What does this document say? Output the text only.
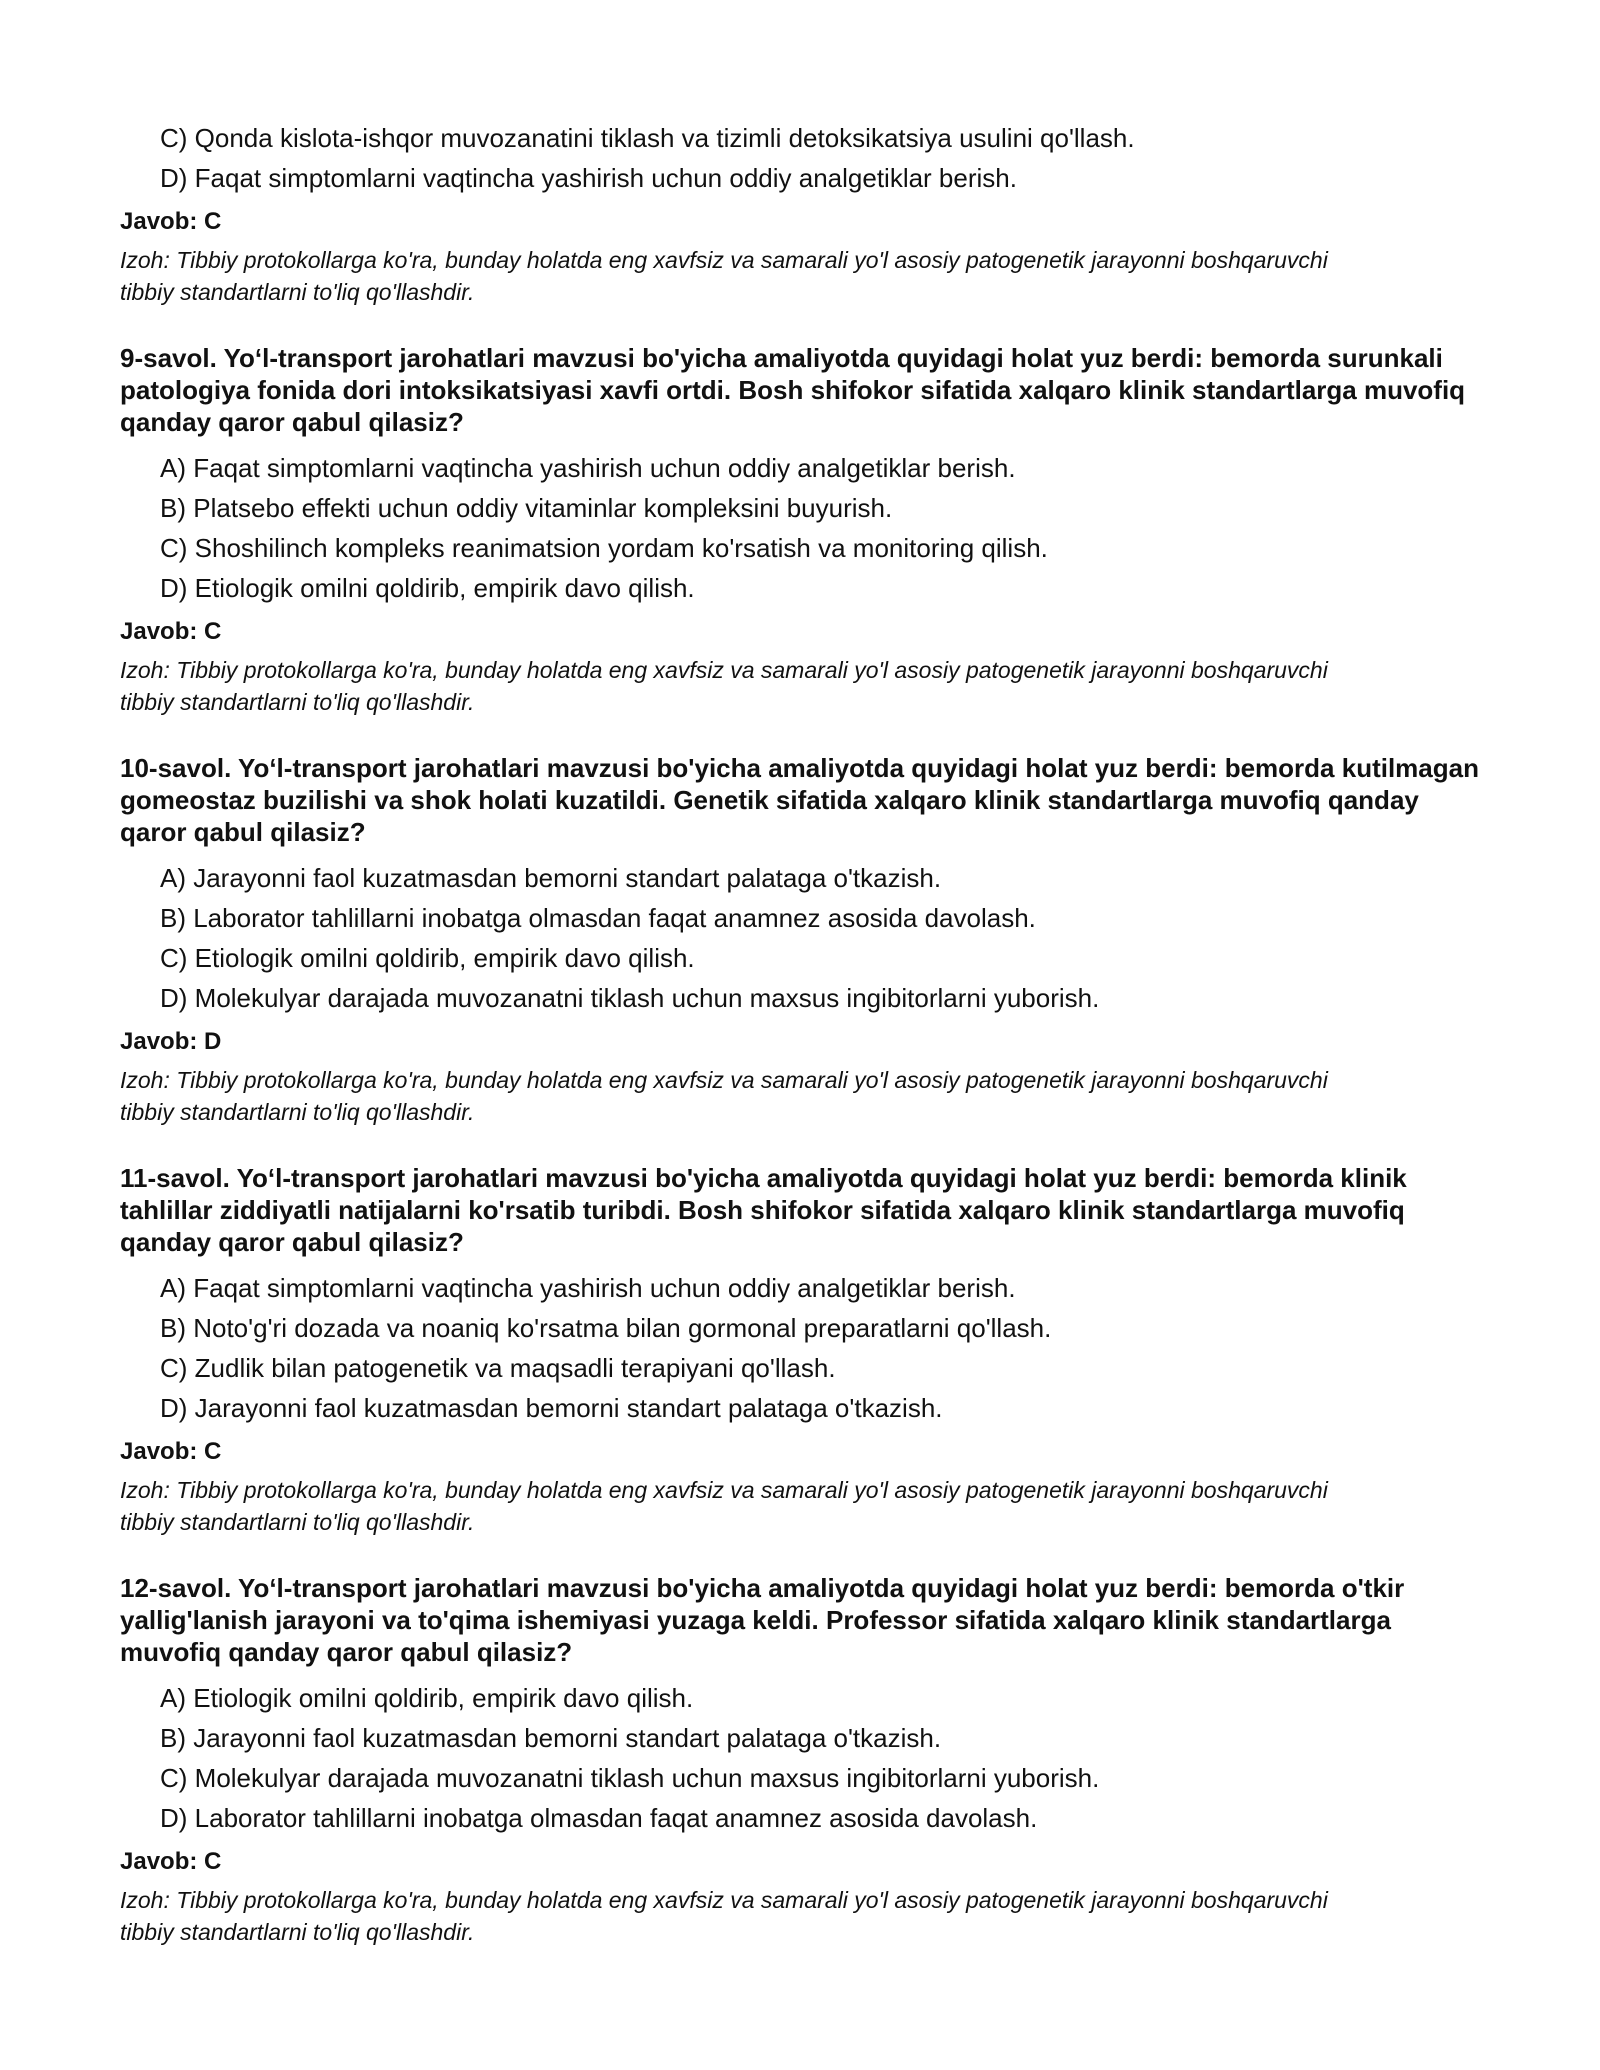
C) Qonda kislota-ishqor muvozanatini tiklash va tizimli detoksikatsiya usulini qo'llash.

D) Faqat simptomlarni vaqtincha yashirish uchun oddiy analgetiklar berish.

Javob: C

Izoh: Tibbiy protokollarga ko'ra, bunday holatda eng xavfsiz va samarali yo'l asosiy patogenetik jarayonni boshqaruvchi tibbiy standartlarni to'liq qo'llashdir.

9-savol. Yo‘l-transport jarohatlari mavzusi bo'yicha amaliyotda quyidagi holat yuz berdi: bemorda surunkali patologiya fonida dori intoksikatsiyasi xavfi ortdi. Bosh shifokor sifatida xalqaro klinik standartlarga muvofiq qanday qaror qabul qilasiz?

A) Faqat simptomlarni vaqtincha yashirish uchun oddiy analgetiklar berish.

B) Platsebo effekti uchun oddiy vitaminlar kompleksini buyurish.

C) Shoshilinch kompleks reanimatsion yordam ko'rsatish va monitoring qilish.

D) Etiologik omilni qoldirib, empirik davo qilish.

Javob: C

Izoh: Tibbiy protokollarga ko'ra, bunday holatda eng xavfsiz va samarali yo'l asosiy patogenetik jarayonni boshqaruvchi tibbiy standartlarni to'liq qo'llashdir.

10-savol. Yo‘l-transport jarohatlari mavzusi bo'yicha amaliyotda quyidagi holat yuz berdi: bemorda kutilmagan gomeostaz buzilishi va shok holati kuzatildi. Genetik sifatida xalqaro klinik standartlarga muvofiq qanday qaror qabul qilasiz?

A) Jarayonni faol kuzatmasdan bemorni standart palataga o'tkazish.

B) Laborator tahlillarni inobatga olmasdan faqat anamnez asosida davolash.

C) Etiologik omilni qoldirib, empirik davo qilish.

D) Molekulyar darajada muvozanatni tiklash uchun maxsus ingibitorlarni yuborish.

Javob: D

Izoh: Tibbiy protokollarga ko'ra, bunday holatda eng xavfsiz va samarali yo'l asosiy patogenetik jarayonni boshqaruvchi tibbiy standartlarni to'liq qo'llashdir.

11-savol. Yo‘l-transport jarohatlari mavzusi bo'yicha amaliyotda quyidagi holat yuz berdi: bemorda klinik tahlillar ziddiyatli natijalarni ko'rsatib turibdi. Bosh shifokor sifatida xalqaro klinik standartlarga muvofiq qanday qaror qabul qilasiz?

A) Faqat simptomlarni vaqtincha yashirish uchun oddiy analgetiklar berish.

B) Noto'g'ri dozada va noaniq ko'rsatma bilan gormonal preparatlarni qo'llash.

C) Zudlik bilan patogenetik va maqsadli terapiyani qo'llash.

D) Jarayonni faol kuzatmasdan bemorni standart palataga o'tkazish.

Javob: C

Izoh: Tibbiy protokollarga ko'ra, bunday holatda eng xavfsiz va samarali yo'l asosiy patogenetik jarayonni boshqaruvchi tibbiy standartlarni to'liq qo'llashdir.

12-savol. Yo‘l-transport jarohatlari mavzusi bo'yicha amaliyotda quyidagi holat yuz berdi: bemorda o'tkir yallig'lanish jarayoni va to'qima ishemiyasi yuzaga keldi. Professor sifatida xalqaro klinik standartlarga muvofiq qanday qaror qabul qilasiz?

A) Etiologik omilni qoldirib, empirik davo qilish.

B) Jarayonni faol kuzatmasdan bemorni standart palataga o'tkazish.

C) Molekulyar darajada muvozanatni tiklash uchun maxsus ingibitorlarni yuborish.

D) Laborator tahlillarni inobatga olmasdan faqat anamnez asosida davolash.

Javob: C

Izoh: Tibbiy protokollarga ko'ra, bunday holatda eng xavfsiz va samarali yo'l asosiy patogenetik jarayonni boshqaruvchi tibbiy standartlarni to'liq qo'llashdir.
